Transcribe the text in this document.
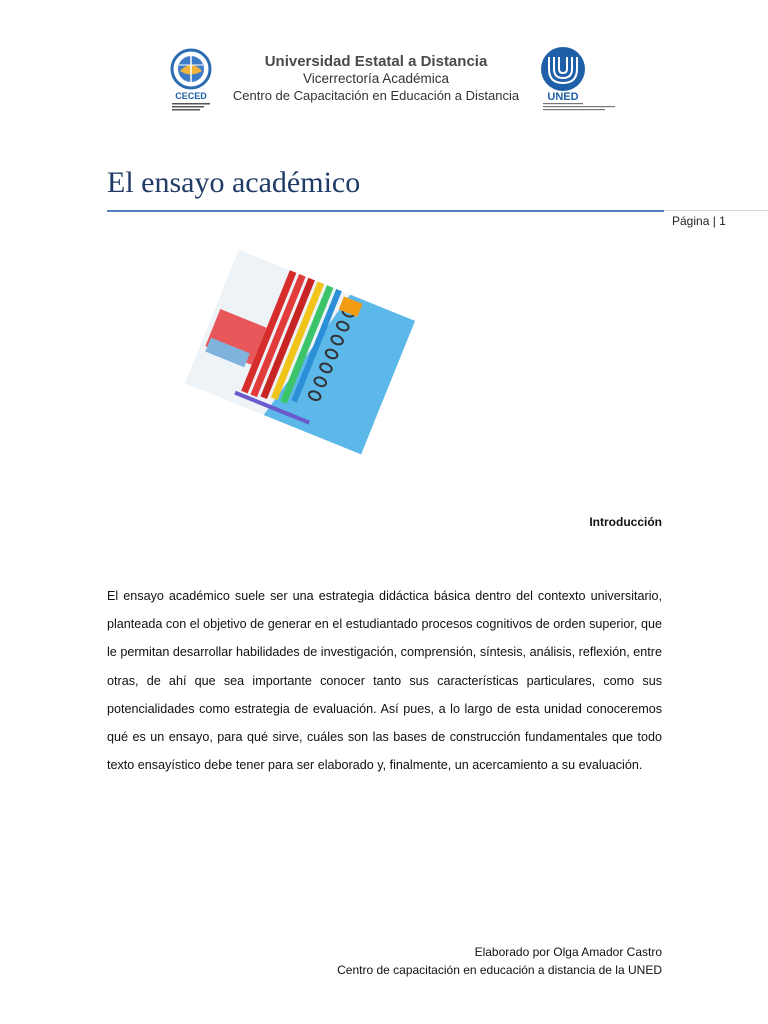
CECED
Universidad Estatal a Distancia
Vicerrectoría Académica
Centro de Capacitación en Educación a Distancia	UNED
El ensayo académico
Página | 1
Introducción

El ensayo académico suele ser una estrategia didáctica básica dentro del contexto universitario, planteada con el objetivo de generar en el estudiantado procesos cognitivos de orden superior, que le permitan desarrollar habilidades de investigación, comprensión, síntesis, análisis, reflexión, entre otras, de ahí que sea importante conocer tanto sus características particulares, como sus potencialidades como estrategia de evaluación. Así pues, a lo largo de esta unidad conoceremos qué es un ensayo, para qué sirve, cuáles son las bases de construcción fundamentales que todo texto ensayístico debe tener para ser elaborado y, finalmente, un acercamiento a su evaluación.

Elaborado por Olga Amador Castro
Centro de capacitación en educación a distancia de la UNED
